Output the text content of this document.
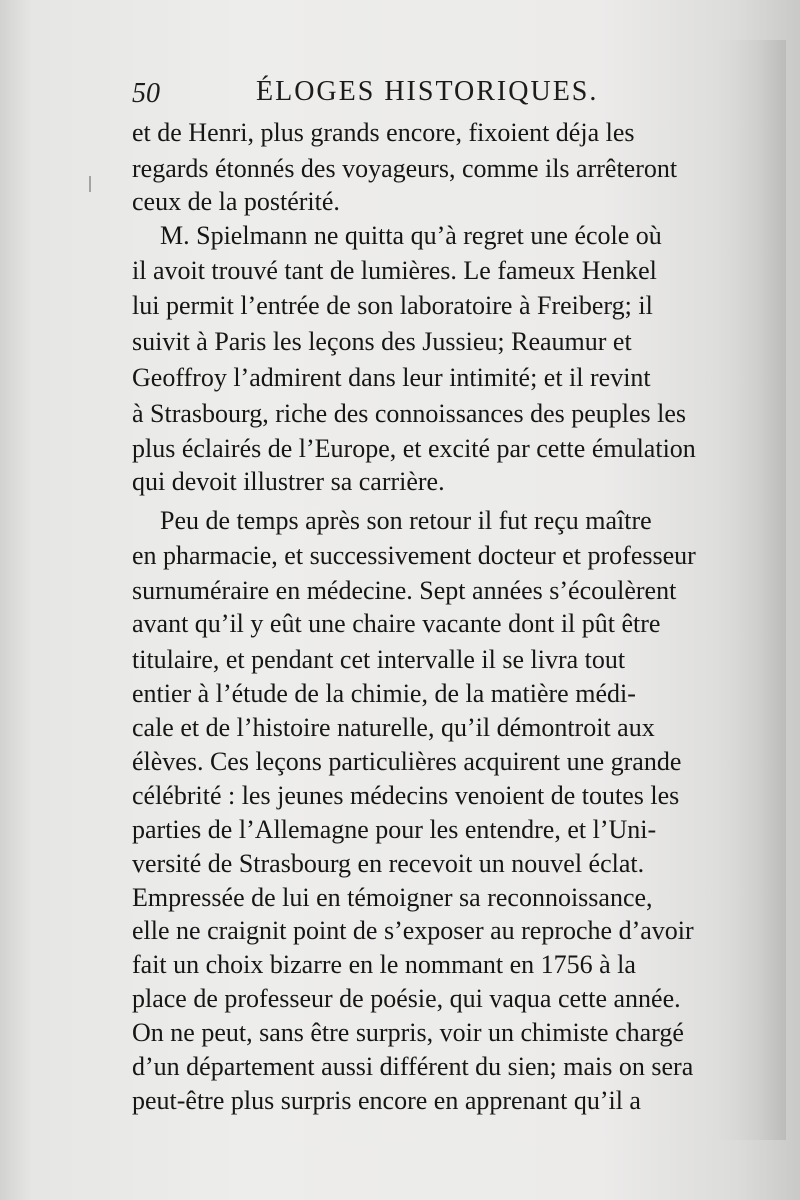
50	ÉLOGES HISTORIQUES.
et de Henri, plus grands encore, fixoient déja les
regards étonnés des voyageurs, comme ils arrêteront
ceux de la postérité.
M. Spielmann ne quitta qu’à regret une école où
il avoit trouvé tant de lumières. Le fameux Henkel
lui permit l’entrée de son laboratoire à Freiberg; il
suivit à Paris les leçons des Jussieu; Reaumur et
Geoffroy l’admirent dans leur intimité; et il revint
à Strasbourg, riche des connoissances des peuples les
plus éclairés de l’Europe, et excité par cette émulation
qui devoit illustrer sa carrière.
Peu de temps après son retour il fut reçu maître
en pharmacie, et successivement docteur et professeur
surnuméraire en médecine. Sept années s’écoulèrent
avant qu’il y eût une chaire vacante dont il pût être
titulaire, et pendant cet intervalle il se livra tout
entier à l’étude de la chimie, de la matière médi-
cale et de l’histoire naturelle, qu’il démontroit aux
élèves. Ces leçons particulières acquirent une grande
célébrité : les jeunes médecins venoient de toutes les
parties de l’Allemagne pour les entendre, et l’Uni-
versité de Strasbourg en recevoit un nouvel éclat.
Empressée de lui en témoigner sa reconnoissance,
elle ne craignit point de s’exposer au reproche d’avoir
fait un choix bizarre en le nommant en 1756 à la
place de professeur de poésie, qui vaqua cette année.
On ne peut, sans être surpris, voir un chimiste chargé
d’un département aussi différent du sien; mais on sera
peut-être plus surpris encore en apprenant qu’il a
